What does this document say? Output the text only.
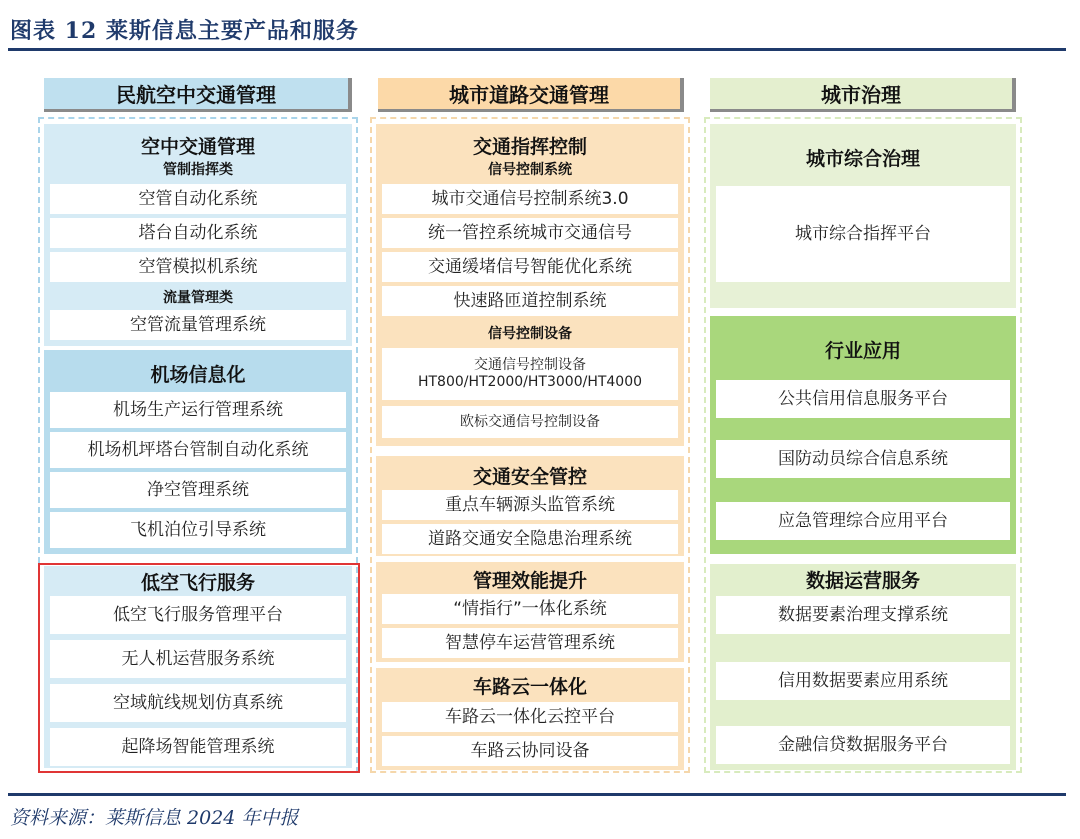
图表 12 莱斯信息主要产品和服务
民航空中交通管理
空中交通管理
管制指挥类
空管自动化系统
塔台自动化系统
空管模拟机系统
流量管理类
空管流量管理系统
机场信息化
机场生产运行管理系统
机场机坪塔台管制自动化系统
净空管理系统
飞机泊位引导系统
低空飞行服务
低空飞行服务管理平台
无人机运营服务系统
空域航线规划仿真系统
起降场智能管理系统
城市道路交通管理
交通指挥控制
信号控制系统
城市交通信号控制系统3.0
统一管控系统城市交通信号
交通缓堵信号智能优化系统
快速路匝道控制系统
信号控制设备
交通信号控制设备
HT800/HT2000/HT3000/HT4000
欧标交通信号控制设备
交通安全管控
重点车辆源头监管系统
道路交通安全隐患治理系统
管理效能提升
“情指行”一体化系统
智慧停车运营管理系统
车路云一体化
车路云一体化云控平台
车路云协同设备
城市治理
城市综合治理
城市综合指挥平台
行业应用
公共信用信息服务平台
国防动员综合信息系统
应急管理综合应用平台
数据运营服务
数据要素治理支撑系统
信用数据要素应用系统
金融信贷数据服务平台
资料来源：莱斯信息 2024 年中报
